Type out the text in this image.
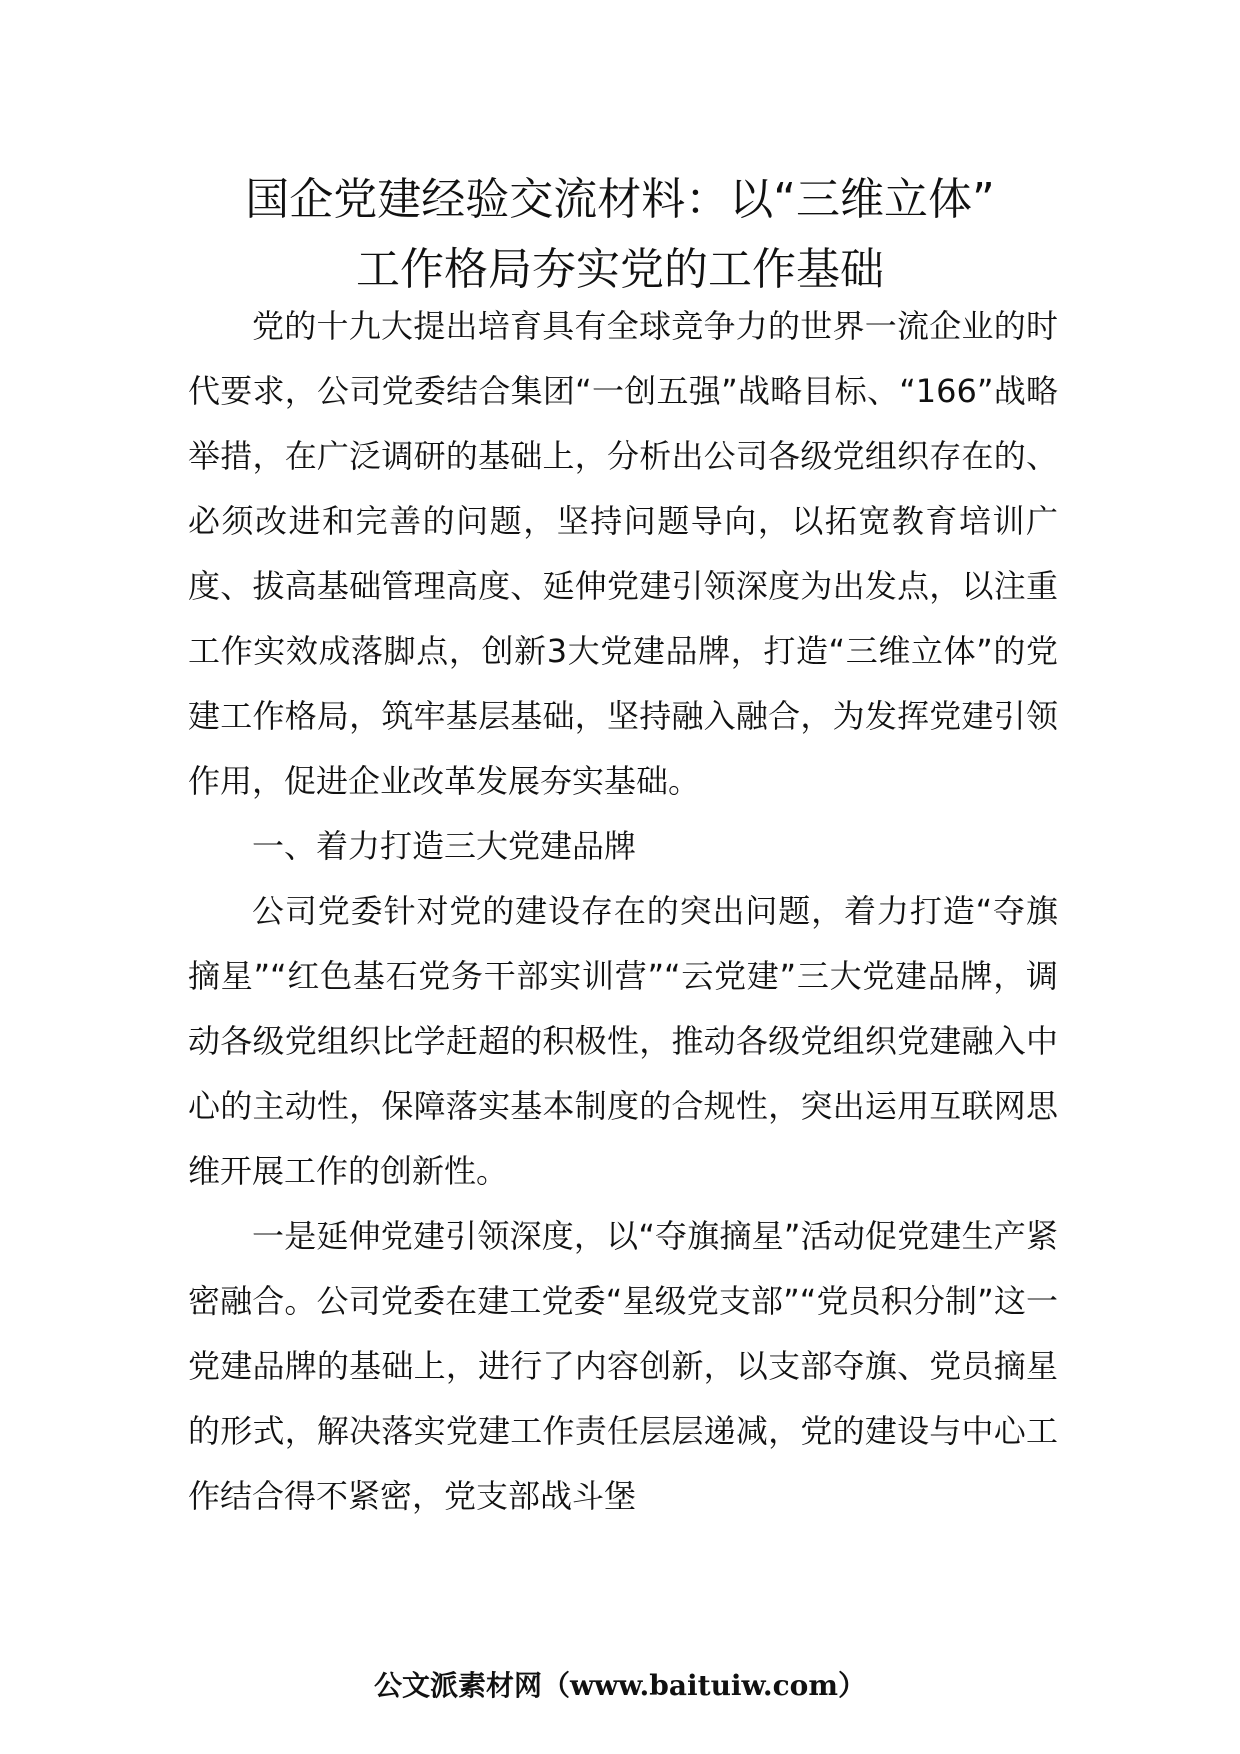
国企党建经验交流材料：以“三维立体”
工作格局夯实党的工作基础

党的十九大提出培育具有全球竞争力的世界一流企业的时代要求，公司党委结合集团“一创五强”战略目标、“166”战略举措，在广泛调研的基础上，分析出公司各级党组织存在的、必须改进和完善的问题，坚持问题导向，以拓宽教育培训广度、拔高基础管理高度、延伸党建引领深度为出发点，以注重工作实效成落脚点，创新3大党建品牌，打造“三维立体”的党建工作格局，筑牢基层基础，坚持融入融合，为发挥党建引领作用，促进企业改革发展夯实基础。

一、着力打造三大党建品牌

公司党委针对党的建设存在的突出问题，着力打造“夺旗摘星”“红色基石党务干部实训营”“云党建”三大党建品牌，调动各级党组织比学赶超的积极性，推动各级党组织党建融入中心的主动性，保障落实基本制度的合规性，突出运用互联网思维开展工作的创新性。

一是延伸党建引领深度，以“夺旗摘星”活动促党建生产紧密融合。公司党委在建工党委“星级党支部”“党员积分制”这一党建品牌的基础上，进行了内容创新，以支部夺旗、党员摘星的形式，解决落实党建工作责任层层递减，党的建设与中心工作结合得不紧密，党支部战斗堡

公文派素材网（www.baituiw.com）
